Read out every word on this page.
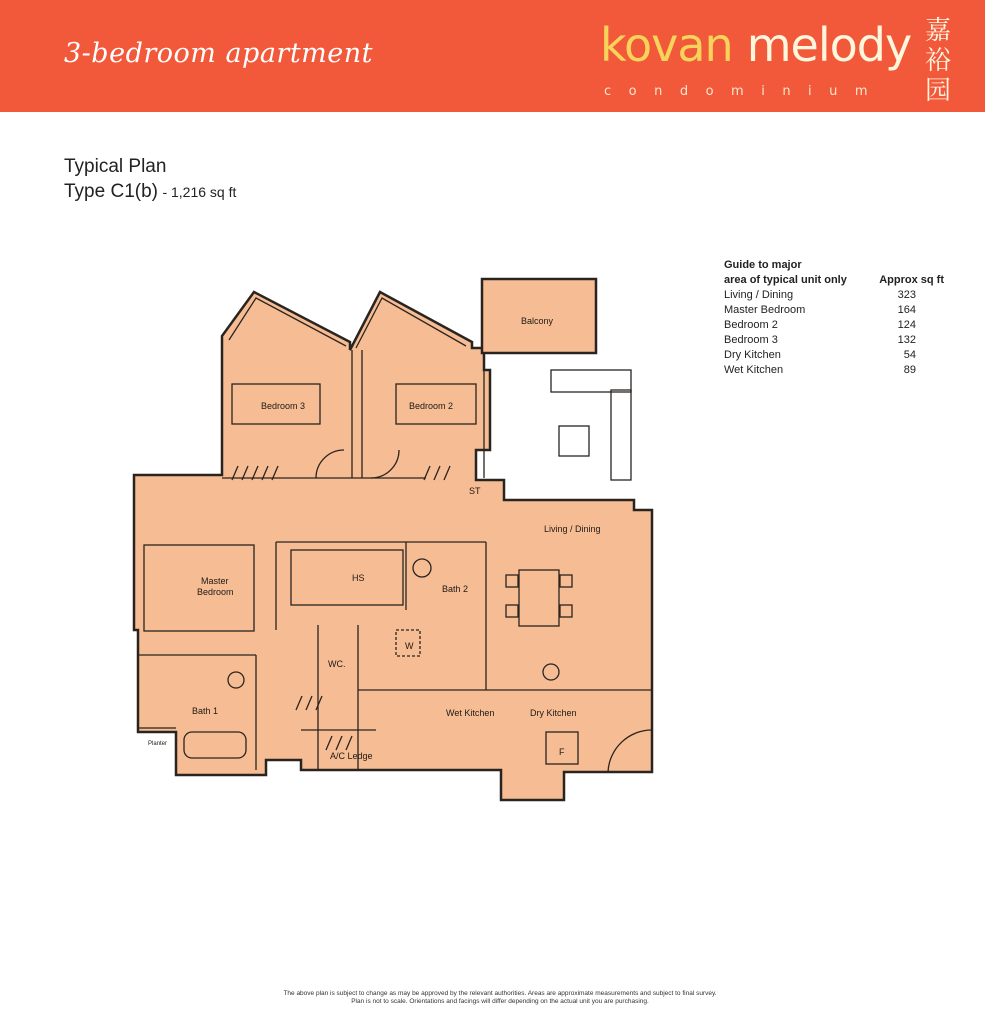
3-bedroom apartment	kovan melody
condominium
嘉
裕
园
Typical Plan
Type C1(b) - 1,216 sq ft
Guide to major
area of typical unit only	Approx sq ft
Living / Dining	323
Master Bedroom	164
Bedroom 2	124
Bedroom 3	132
Dry Kitchen	54
Wet Kitchen	89
Balcony
Bedroom 3	Bedroom 2
Living / Dining
Master
Bedroom
HS
Bath 2
ST
W
WC.
Bath 1
Planter
Wet Kitchen	Dry Kitchen
F
A/C Ledge
The above plan is subject to change as may be approved by the relevant authorities. Areas are approximate measurements and subject to final survey.
Plan is not to scale. Orientations and facings will differ depending on the actual unit you are purchasing.
